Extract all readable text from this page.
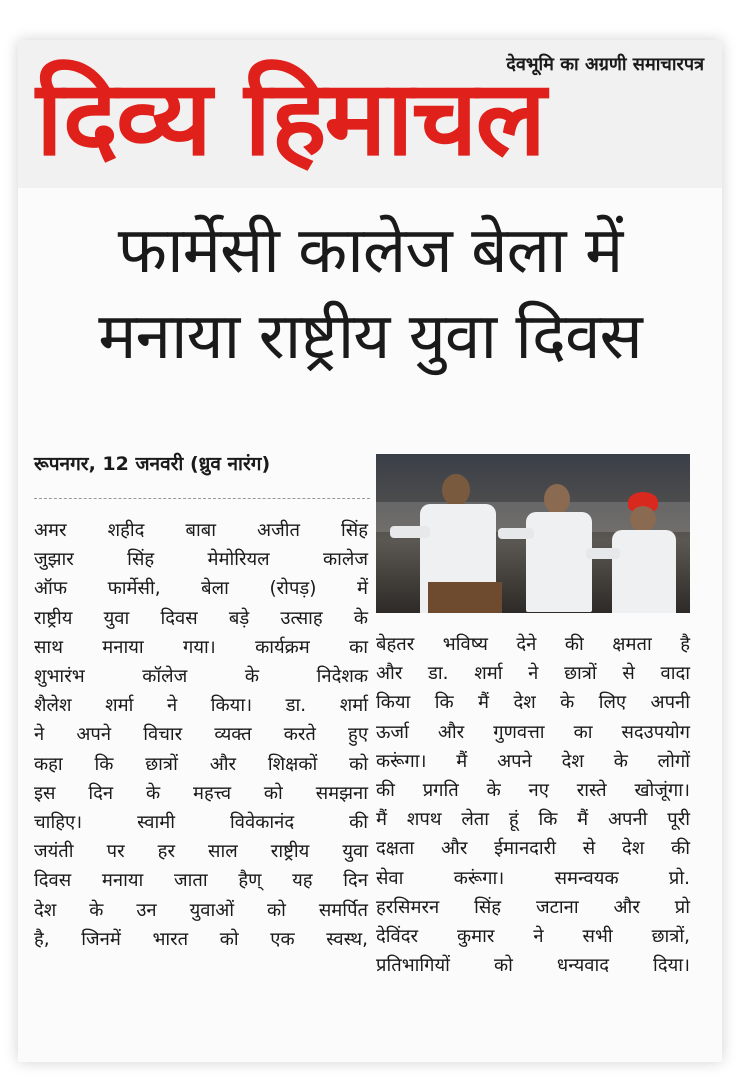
देवभूमि का अग्रणी समाचारपत्र
दिव्य हिमाचल
फार्मेसी कालेज बेला में
मनाया राष्ट्रीय युवा दिवस
रूपनगर, 12 जनवरी (ध्रुव नारंग)

अमर शहीद बाबा अजीत सिंह

जुझार सिंह मेमोरियल कालेज

ऑफ फार्मेसी, बेला (रोपड़) में

राष्ट्रीय युवा दिवस बड़े उत्साह के

साथ मनाया गया। कार्यक्रम का

शुभारंभ कॉलेज के निदेशक

शैलेश शर्मा ने किया। डा. शर्मा

ने अपने विचार व्यक्त करते हुए

कहा कि छात्रों और शिक्षकों को

इस दिन के महत्त्व को समझना

चाहिए। स्वामी विवेकानंद की

जयंती पर हर साल राष्ट्रीय युवा

दिवस मनाया जाता हैण् यह दिन

देश के उन युवाओं को समर्पित

है, जिनमें भारत को एक स्वस्थ,

बेहतर भविष्य देने की क्षमता है

और डा. शर्मा ने छात्रों से वादा

किया कि मैं देश के लिए अपनी

ऊर्जा और गुणवत्ता का सदउपयोग

करूंगा। मैं अपने देश के लोगों

की प्रगति के नए रास्ते खोजूंगा।

मैं शपथ लेता हूं कि मैं अपनी पूरी

दक्षता और ईमानदारी से देश की

सेवा करूंगा। समन्वयक प्रो.

हरसिमरन सिंह जटाना और प्रो

देविंदर कुमार ने सभी छात्रों,

प्रतिभागियों को धन्यवाद दिया।
